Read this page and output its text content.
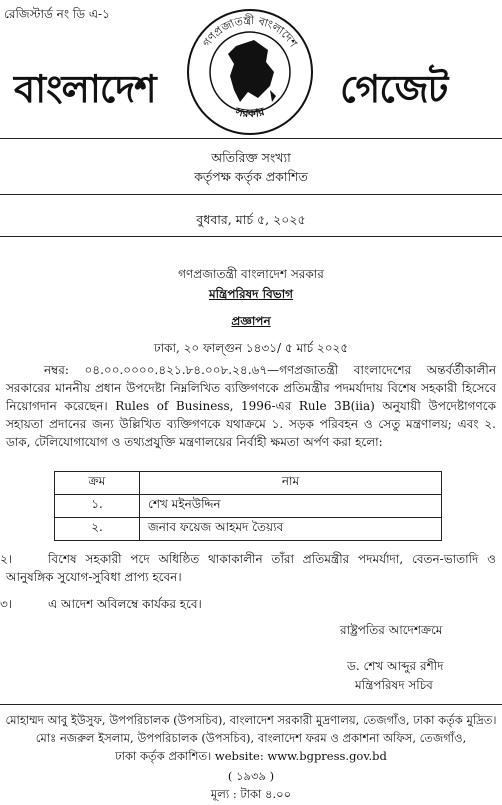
রেজিস্টার্ড নং ডি এ-১
বাংলাদেশ
গণপ্রজাতন্ত্রী বাংলাদেশ
সরকার
গেজেট
অতিরিক্ত সংখ্যা
কর্তৃপক্ষ কর্তৃক প্রকাশিত
বুধবার, মার্চ ৫, ২০২৫
গণপ্রজাতন্ত্রী বাংলাদেশ সরকার
মন্ত্রিপরিষদ বিভাগ
প্রজ্ঞাপন
ঢাকা, ২০ ফাল্গুন ১৪৩১/ ৫ মার্চ ২০২৫
নম্বর: ০৪.০০.০০০০.৪২১.৮৪.০০৮.২৪.৬৭—গণপ্রজাতন্ত্রী বাংলাদেশের অন্তর্বর্তীকালীন সরকারের মাননীয় প্রধান উপদেষ্টা নিম্নলিখিত ব্যক্তিগণকে প্রতিমন্ত্রীর পদমর্যাদায় বিশেষ সহকারী হিসেবে নিয়োগদান করেছেন। Rules of Business, 1996-এর Rule 3B(iia) অনুযায়ী উপদেষ্টাগণকে সহায়তা প্রদানের জন্য উল্লিখিত ব্যক্তিগণকে যথাক্রমে ১. সড়ক পরিবহন ও সেতু মন্ত্রণালয়; এবং ২. ডাক, টেলিযোগাযোগ ও তথ্যপ্রযুক্তি মন্ত্রণালয়ের নির্বাহী ক্ষমতা অর্পণ করা হলো:
ক্রম	নাম
১.	শেখ মইনউদ্দিন
২.	জনাব ফয়েজ আহমদ তৈয়্যব
২।	বিশেষ সহকারী পদে অধিষ্ঠিত থাকাকালীন তাঁরা প্রতিমন্ত্রীর পদমর্যাদা, বেতন-ভাতাদি ও আনুষঙ্গিক সুযোগ-সুবিধা প্রাপ্য হবেন।
৩।	এ আদেশ অবিলম্বে কার্যকর হবে।
রাষ্ট্রপতির আদেশক্রমে
ড. শেখ আব্দুর রশীদ
মন্ত্রিপরিষদ সচিব
মোহাম্মদ আবু ইউসুফ, উপপরিচালক (উপসচিব), বাংলাদেশ সরকারী মুদ্রণালয়, তেজগাঁও, ঢাকা কর্তৃক মুদ্রিত।
মোঃ নজরুল ইসলাম, উপপরিচালক (উপসচিব), বাংলাদেশ ফরম ও প্রকাশনা অফিস, তেজগাঁও,
ঢাকা কর্তৃক প্রকাশিত। website: www.bgpress.gov.bd
( ১৯৩৯ )
মূল্য : টাকা ৪.০০
